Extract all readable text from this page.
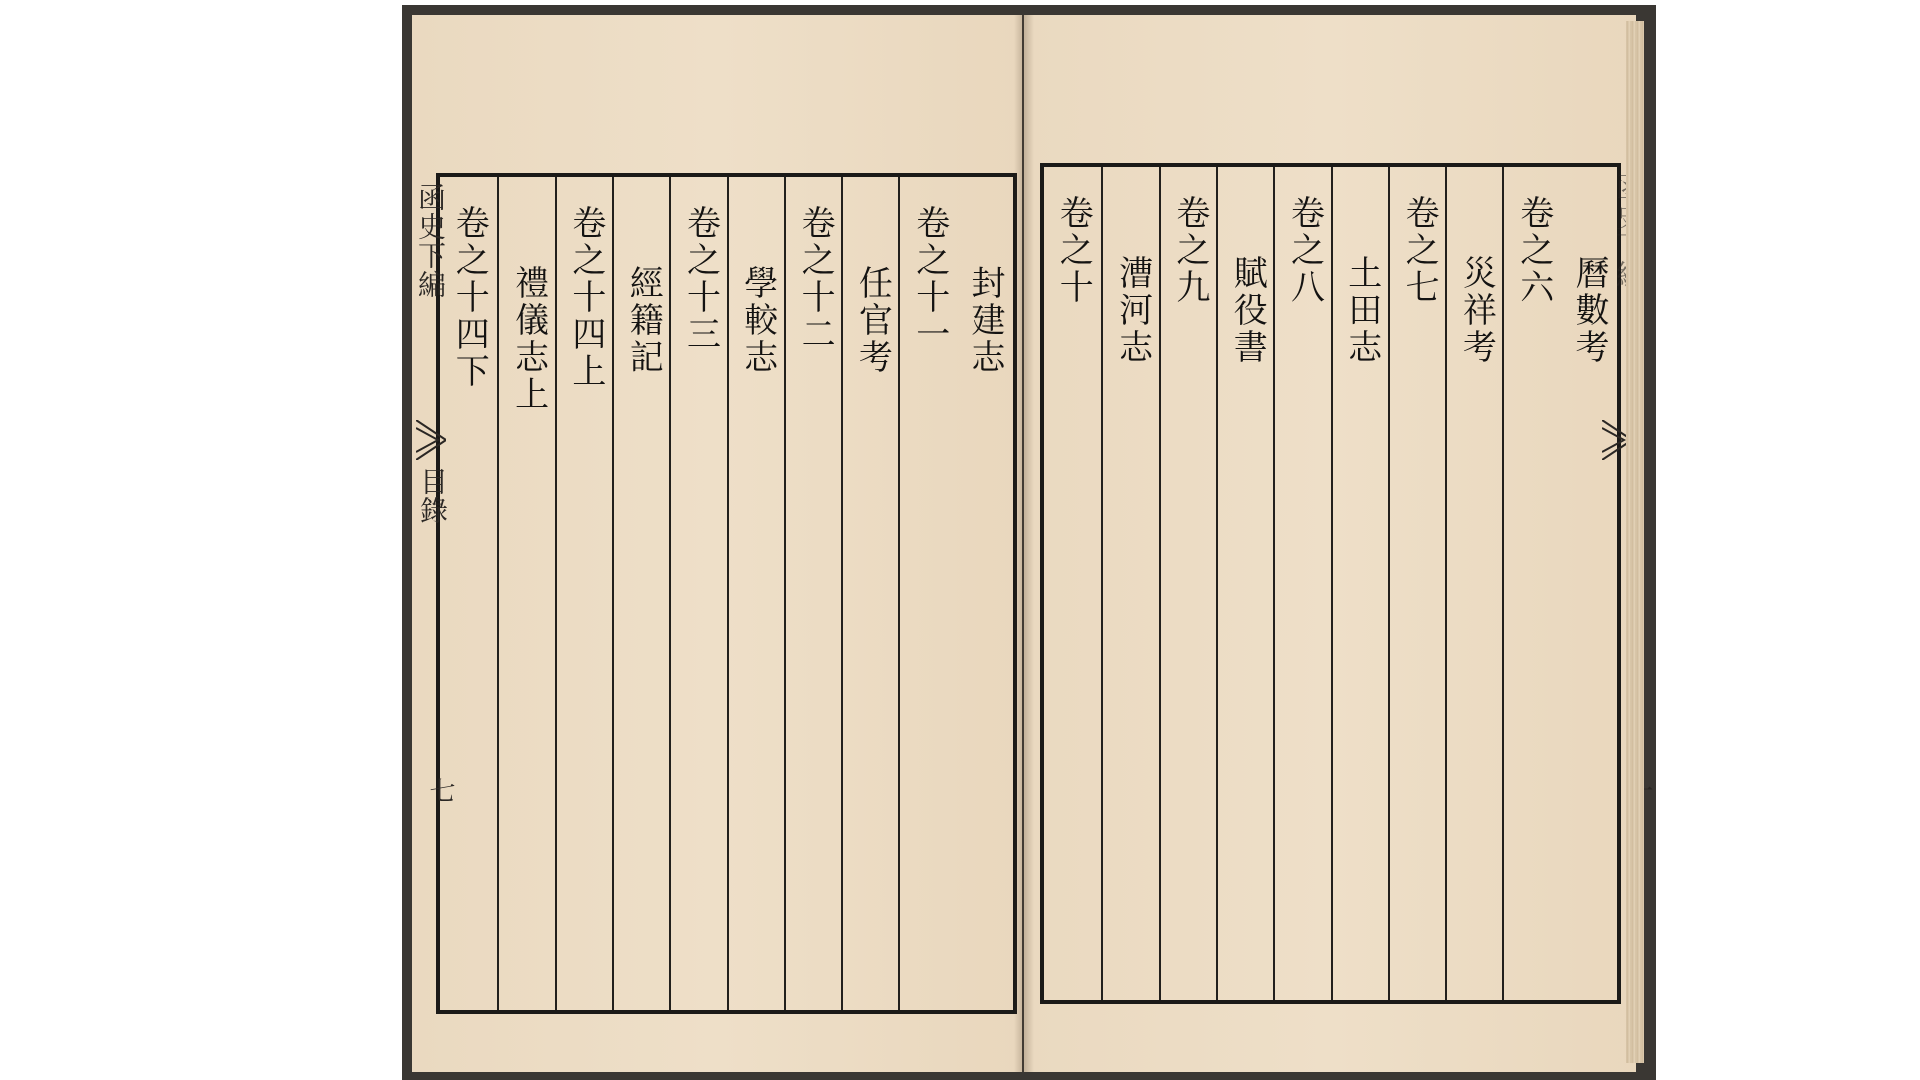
封建志
卷之十一
任官考
卷之十二
學較志
卷之十三
經籍記
卷之十四上
禮儀志上
卷之十四下
函史下編
目錄
七
曆數考
卷之六
災祥考
卷之七
土田志
卷之八
賦役書
卷之九
漕河志
卷之十
